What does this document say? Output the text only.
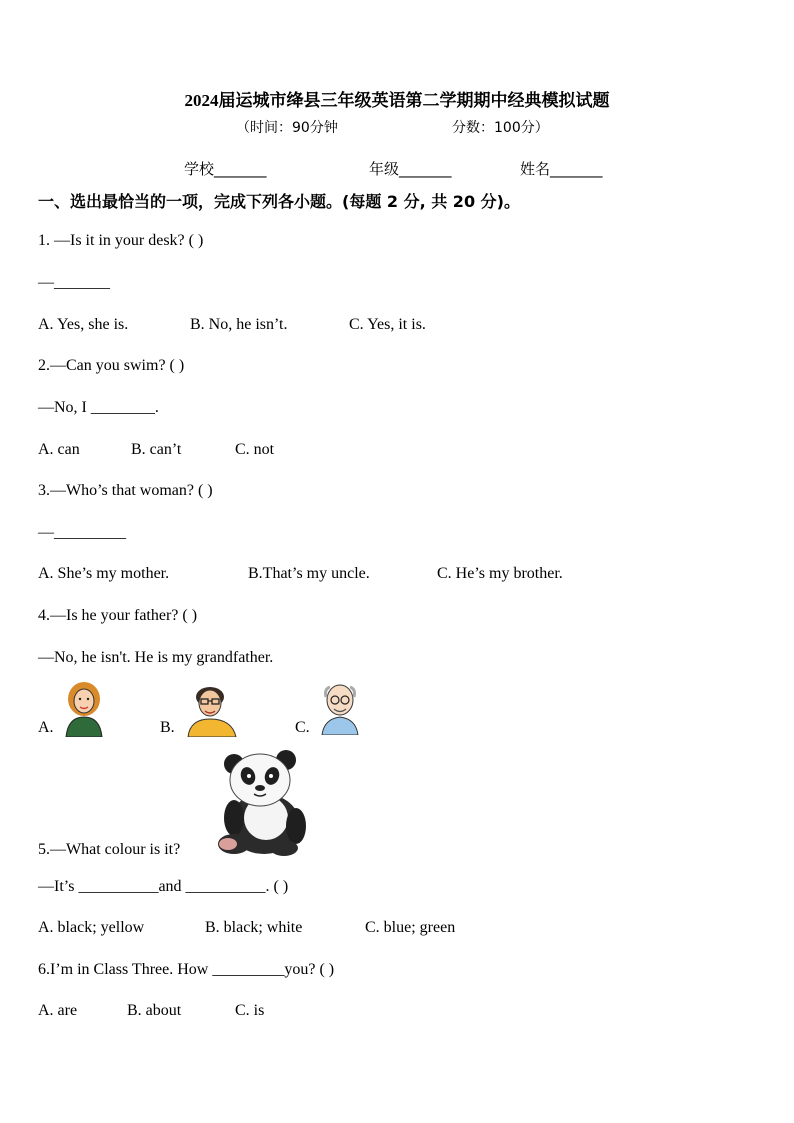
2024届运城市绛县三年级英语第二学期期中经典模拟试题
（时间：90分钟	分数：100分）
学校_______	年级_______	姓名_______
一、选出最恰当的一项，完成下列各小题。(每题 2 分, 共 20 分)。
1. —Is it in your desk? ( )
—_______
A. Yes, she is.	B. No, he isn’t.	C. Yes, it is.
2.—Can you swim? ( )
—No, I ________.
A. can	B. can’t	C. not
3.—Who’s that woman? ( )
—_________
A. She’s my mother.	B.That’s my uncle.	C. He’s my brother.
4.—Is he your father? ( )
—No, he isn't. He is my grandfather.
A.	B.	C.
5.—What colour is it?
—It’s __________and __________. ( )
A. black; yellow	B. black; white	C. blue; green
6.I’m in Class Three. How _________you? ( )
A. are	B. about	C. is
